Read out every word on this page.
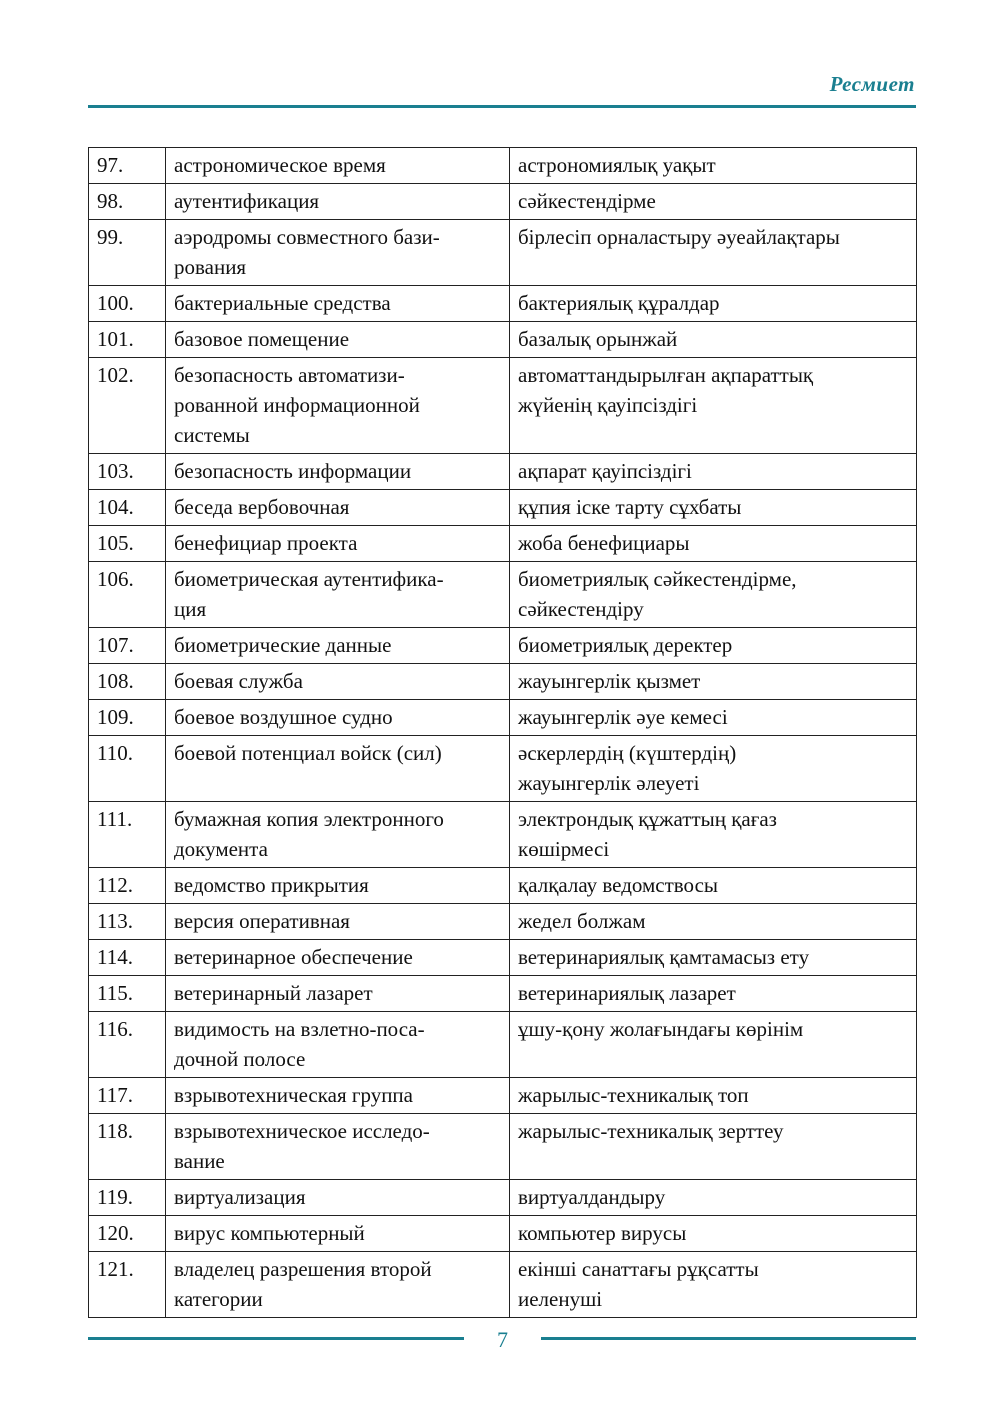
Ресмиет
97.	астрономическое время	астрономиялық уақыт
98.	аутентификация	сәйкестендірме
99.	аэродромы совместного бази-
рования	бірлесіп орналастыру әуеайлақтары
100.	бактериальные средства	бактериялық құралдар
101.	базовое помещение	базалық орынжай
102.	безопасность автоматизи-
рованной информационной
системы	автоматтандырылған ақпараттық
жүйенің қауіпсіздігі
103.	безопасность информации	ақпарат қауіпсіздігі
104.	беседа вербовочная	құпия іске тарту сұхбаты
105.	бенефициар проекта	жоба бенефициары
106.	биометрическая аутентифика-
ция	биометриялық сәйкестендірме,
сәйкестендіру
107.	биометрические данные	биометриялық деректер
108.	боевая служба	жауынгерлік қызмет
109.	боевое воздушное судно	жауынгерлік әуе кемесі
110.	боевой потенциал войск (сил)	әскерлердің (күштердің)
жауынгерлік әлеуеті
111.	бумажная копия электронного
документа	электрондық құжаттың қағаз
көшірмесі
112.	ведомство прикрытия	қалқалау ведомствосы
113.	версия оперативная	жедел болжам
114.	ветеринарное обеспечение	ветеринариялық қамтамасыз ету
115.	ветеринарный лазарет	ветеринариялық лазарет
116.	видимость на взлетно-поса-
дочной полосе	ұшу-қону жолағындағы көрінім
117.	взрывотехническая группа	жарылыс-техникалық топ
118.	взрывотехническое исследо-
вание	жарылыс-техникалық зерттеу
119.	виртуализация	виртуалдандыру
120.	вирус компьютерный	компьютер вирусы
121.	владелец разрешения второй
категории	екінші санаттағы рұқсатты
иеленуші
7
